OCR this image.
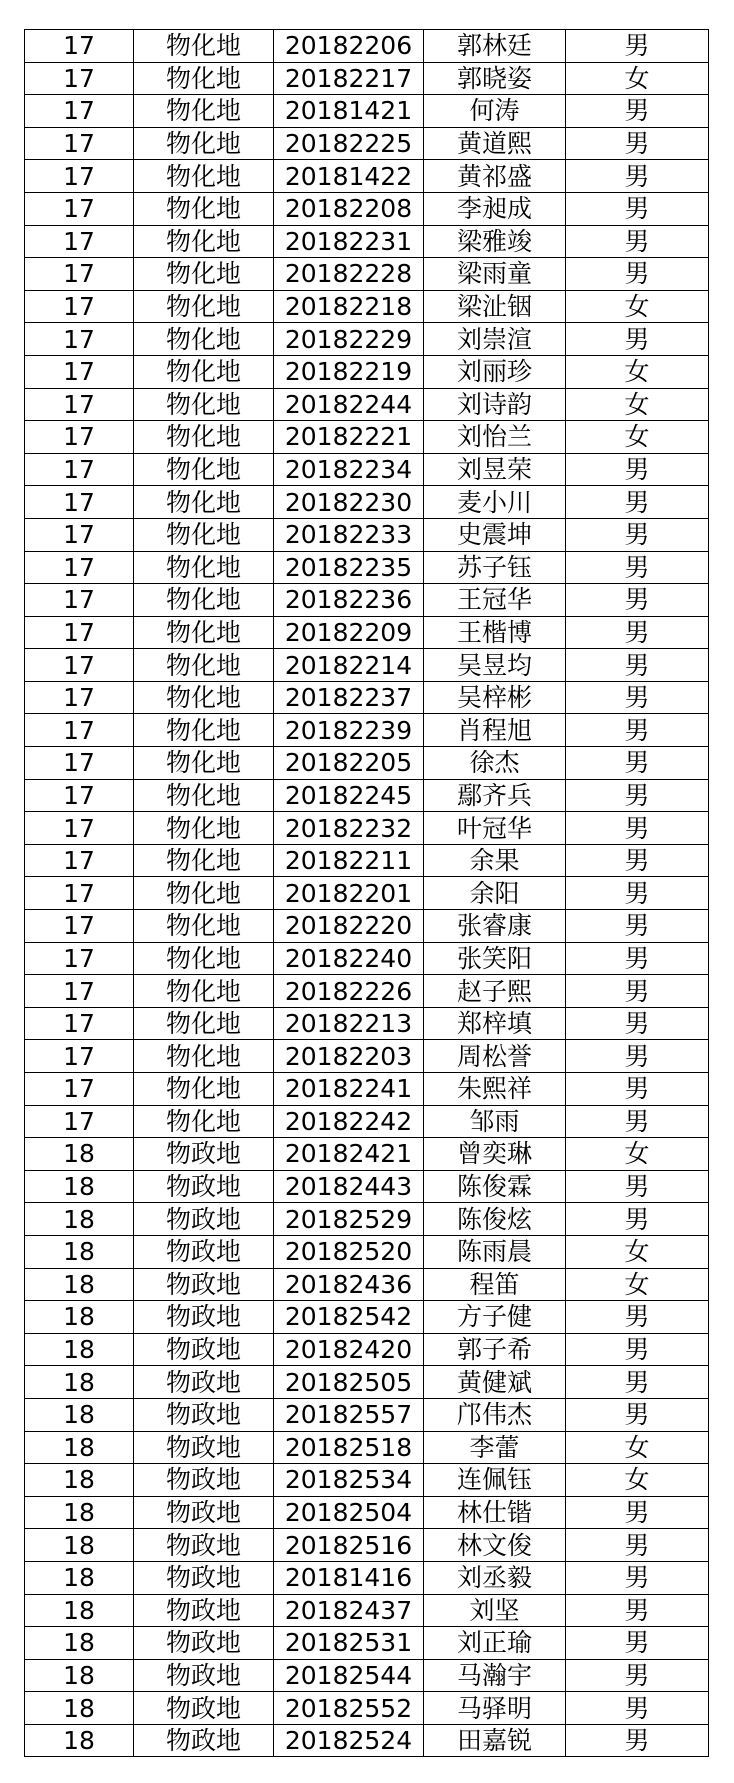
17	物化地	20182206	郭林廷	男
17	物化地	20182217	郭晓姿	女
17	物化地	20181421	何涛	男
17	物化地	20182225	黄道熙	男
17	物化地	20181422	黄祁盛	男
17	物化地	20182208	李昶成	男
17	物化地	20182231	梁雅竣	男
17	物化地	20182228	梁雨童	男
17	物化地	20182218	梁沚铟	女
17	物化地	20182229	刘崇渲	男
17	物化地	20182219	刘丽珍	女
17	物化地	20182244	刘诗韵	女
17	物化地	20182221	刘怡兰	女
17	物化地	20182234	刘昱荣	男
17	物化地	20182230	麦小川	男
17	物化地	20182233	史震坤	男
17	物化地	20182235	苏子钰	男
17	物化地	20182236	王冠华	男
17	物化地	20182209	王楷博	男
17	物化地	20182214	吴昱均	男
17	物化地	20182237	吴梓彬	男
17	物化地	20182239	肖程旭	男
17	物化地	20182205	徐杰	男
17	物化地	20182245	鄢齐兵	男
17	物化地	20182232	叶冠华	男
17	物化地	20182211	余果	男
17	物化地	20182201	余阳	男
17	物化地	20182220	张睿康	男
17	物化地	20182240	张笑阳	男
17	物化地	20182226	赵子熙	男
17	物化地	20182213	郑梓填	男
17	物化地	20182203	周松誉	男
17	物化地	20182241	朱熙祥	男
17	物化地	20182242	邹雨	男
18	物政地	20182421	曾奕琳	女
18	物政地	20182443	陈俊霖	男
18	物政地	20182529	陈俊炫	男
18	物政地	20182520	陈雨晨	女
18	物政地	20182436	程笛	女
18	物政地	20182542	方子健	男
18	物政地	20182420	郭子希	男
18	物政地	20182505	黄健斌	男
18	物政地	20182557	邝伟杰	男
18	物政地	20182518	李蕾	女
18	物政地	20182534	连佩钰	女
18	物政地	20182504	林仕锴	男
18	物政地	20182516	林文俊	男
18	物政地	20181416	刘丞毅	男
18	物政地	20182437	刘坚	男
18	物政地	20182531	刘正瑜	男
18	物政地	20182544	马瀚宇	男
18	物政地	20182552	马驿明	男
18	物政地	20182524	田嘉锐	男
